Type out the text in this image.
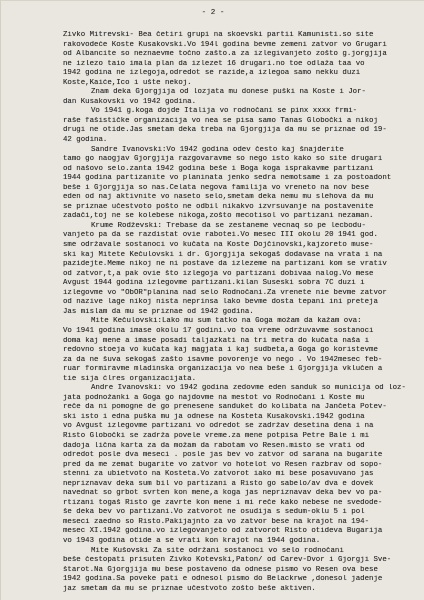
- 2 -
Živko Mitrevski- Bea četiri grupi na skoevski partii Kamunisti.so site
rakovodeće Koste Kusakovski.Vo 194l godina bevme zemeni zatvor vo Grugari
od Albancite so neznaevme točno zašto.a za izlegivanjeto zošto g.jorgjija
ne izlezo taio imala plan da izlezet 16 drugari.no toe odlaža taa vo
1942 godina ne izlegoja,odredot se razide,a izlegoa samo nekku duzi
Koste,Kaiće,Ico i ušte nekoj.
Znam deka Gjorgjija od lozjata mu donese puški na Koste i Jor-
dan Kusakovski vo 1942 godina.
Vo 1941 g.koga dojde Italija vo rodnočani se pinx xxxx frmi-
raše fašističke organizacija vo nea se pisa samo Tanas Globočki a nikoj
drugi ne otide.Jas smetam deka treba na Gjorgjija da mu se priznae od 19-
42 godina.
Sandre Ivanovski:Vo 1942 godina odev često kaj šnajderite
tamo go naogjav Gjorgjija razgovaravme so nego isto kako so site drugari
od našovo selo.zanta 1942 godina beše i Boga koga isprakavme partizani
1944 godina partizanite vo planinata jenko sedra nemotsame i za postoadont
beše i Gjorgjija so nas.Celata negova familija vo vreneto na nov bese
eden od naj aktivnite vo naseto selo,smetam deka nemu mu slehova da mu
se priznae učestvoto pošto ne odbil nikakvo izvrsuvanje na postavenite
zadači,toj ne se kolebese nikoga,zošto mecotisol vo partizani nezaman.
Krume Rodževski: Trebase da se zestaneme vecnaq so pe lecbodu-
vanjeto pa da se razdistat ovie rabotei.Vo mesec III okolu 20 1941 god.
sme održavale sostanoci vo kučata na Koste Dojčinovski,kajzoreto muse-
ski kaj Mitete Kečulovski i dr. Gjorgjija sekogaš dodavase na vrata i na
pazidejte.Meme nikoj ne ni postave da izlezeme na partizani kom se vrativ
od zatvor,t,a pak ovie što izlegoja vo partizani dobivaa nalog.Vo mese
Avgust 1944 godina izlegovme partizani.kilan Suseski sobra 7C duzi i
izlegovme vo "ObOR"planina nad selo Rodnočani.Za vrenete nie bevme zatvor
od nazive lage nikoj nista neprinsa lako bevme dosta tepani ini preteja
Jas mislam da mu se priznae od 1942 godina.
Mite Kečulovski:Lako mu sum tatko na Goga možam da kažam ova:
Vo 1941 godina imase okolu 17 godini.vo toa vreme održuvavme sostanoci
doma kaj mene a imase posadi taljazkati na tri metra do kučata naša i
redovno stoeja vo kučata kaj magjata i kaj sudbeta,a Goga go koristevme
za da ne šuva sekogaš zašto isavme povorenje vo nego . Vo 1942mesec feb-
ruar formiravme mladinska organizacija vo nea beše i Gjorgjija vklučen a
tie sija ćlres organizacijata.
Andre Ivanovski: vo 1942 godina zedovme eden sanduk so municija od loz-
jata podnožanki a Goga go najdovme na mestot vo Rodnočani i Koste mu
reče da ni pomogne de go prenesene sanduket do kolibata na Jančeta Potev-
ski isto i edna puška mu ja odnese na Kosteta Kusakovski.1942 godina
vo Avgust izlegovme partizani vo odredot se zadržav desetina dena i na
Risto Globočki se zadrža povele vreme.za mene potpisa Petre Bale i mi
dadoja lična karta za da možam da rabotam vo Resen.misto se vrati od
odredot posle dva meseci . posle jas bev vo zatvor od sarana na bugarite
pred da me zemat bugarite vo zatvor vo hotelot vo Resen razbrav od sopo-
stenni za ubietvoto na Kosteta.Vo zatvorot iako mi bese posavuvano jas
nepriznavav deka sum bil vo partizani a Risto go sabelo/av dva e dovek
navednat so grbot svrten kon mene,a koga jas nepriznavav deka bev vo pa-
rtizani togaš Risto ge zavrte kon mene i mi reče kako nebese ne svedode-
še deka bev vo partizani.Vo zatvorot ne osudija s sedum-oklu 5 i pol
meseci zaedno so Risto.Pakijajnto za vo zatvor bese na krajot na 194-
mesec XI.1942 godina.vo izlegovanjeto od zatvorot Risto otideva Bugarija
vo 1943 godina otide a se vrati kon krajot na 1944 godina.
Mite Kušovski Za site održani sostanoci vo selo rodnočani
beše čestopati prisuten Živko Kotevski,Paton/ od Carev-Dvor i Gjorgji Sve-
štarot.Na Gjorgjija mu bese postaveno da odnese pismo vo Resen ova bese
1942 godina.Sa poveke pati e odnesol pismo do Belackrwe ,donesol jadenje
jaz smetam da mu se priznae učestvoto zošto beše aktiven.
